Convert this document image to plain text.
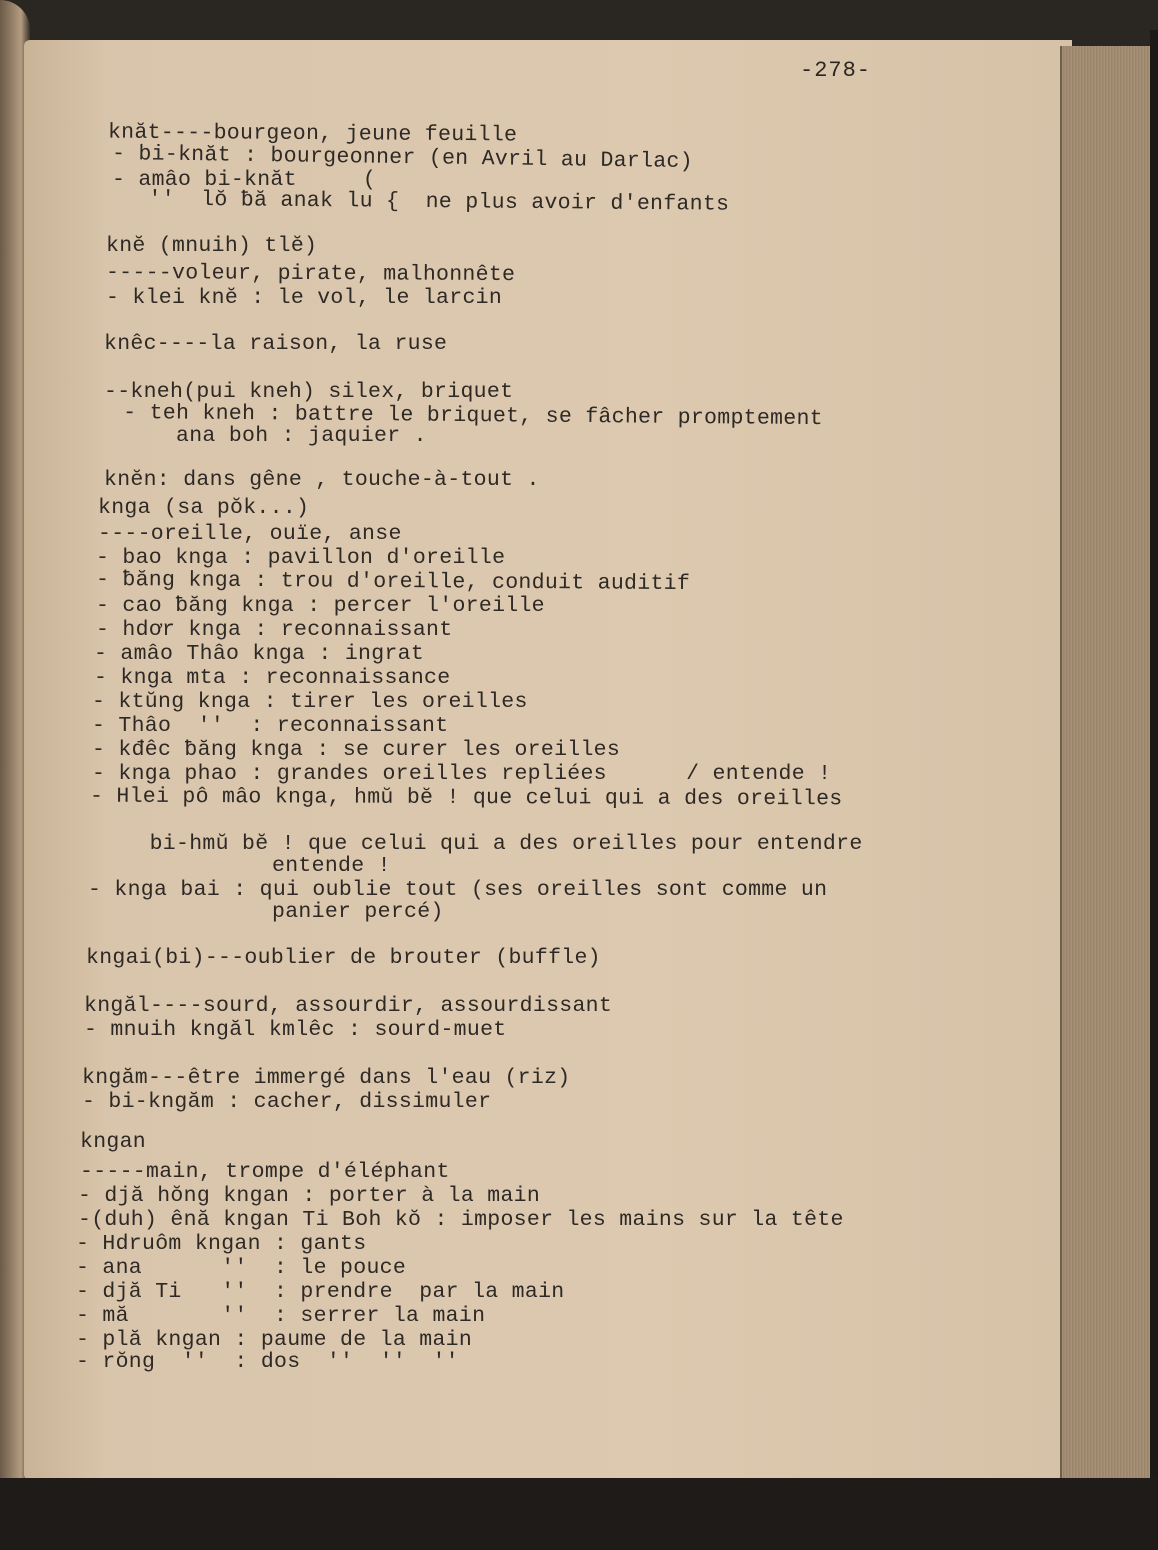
-278-
knăt----bourgeon, jeune feuille
- bi-knăt : bourgeonner (en Avril au Darlac)
- amâo bi-knăt     (
''  lŏ ƀă anak lu {  ne plus avoir d'enfants
knĕ (mnuih) tlĕ)
-----voleur, pirate, malhonnête
- klei knĕ : le vol, le larcin
knêc----la raison, la ruse
--kneh(pui kneh) silex, briquet
- teh kneh : battre le briquet, se fâcher promptement
ana boh : jaquier .
knĕn: dans gêne , touche-à-tout .
knga (sa pŏk...)
----oreille, ouïe, anse
- bao knga : pavillon d'oreille
- ƀăng knga : trou d'oreille, conduit auditif
- cao ƀăng knga : percer l'oreille
- hdơr knga : reconnaissant
- amâo Thâo knga : ingrat
- knga mta : reconnaissance
- ktŭng knga : tirer les oreilles
- Thâo  ''  : reconnaissant
- kđêc ƀăng knga : se curer les oreilles
- knga phao : grandes oreilles repliées      / entende !
- Hlei pô mâo knga, hmŭ bĕ ! que celui qui a des oreilles
bi-hmŭ bĕ ! que celui qui a des oreilles pour entendre
entende !
- knga bai : qui oublie tout (ses oreilles sont comme un
panier percé)
kngai(bi)---oublier de brouter (buffle)
kngăl----sourd, assourdir, assourdissant
- mnuih kngăl kmlêc : sourd-muet
kngăm---être immergé dans l'eau (riz)
- bi-kngăm : cacher, dissimuler
kngan
-----main, trompe d'éléphant
- djă hŏng kngan : porter à la main
-(duh) ênă kngan Ti Boh kŏ : imposer les mains sur la tête
- Hdruôm kngan : gants
- ana      ''  : le pouce
- djă Ti   ''  : prendre  par la main
- mă       ''  : serrer la main
- plă kngan : paume de la main
- rŏng  ''  : dos  ''  ''  ''
